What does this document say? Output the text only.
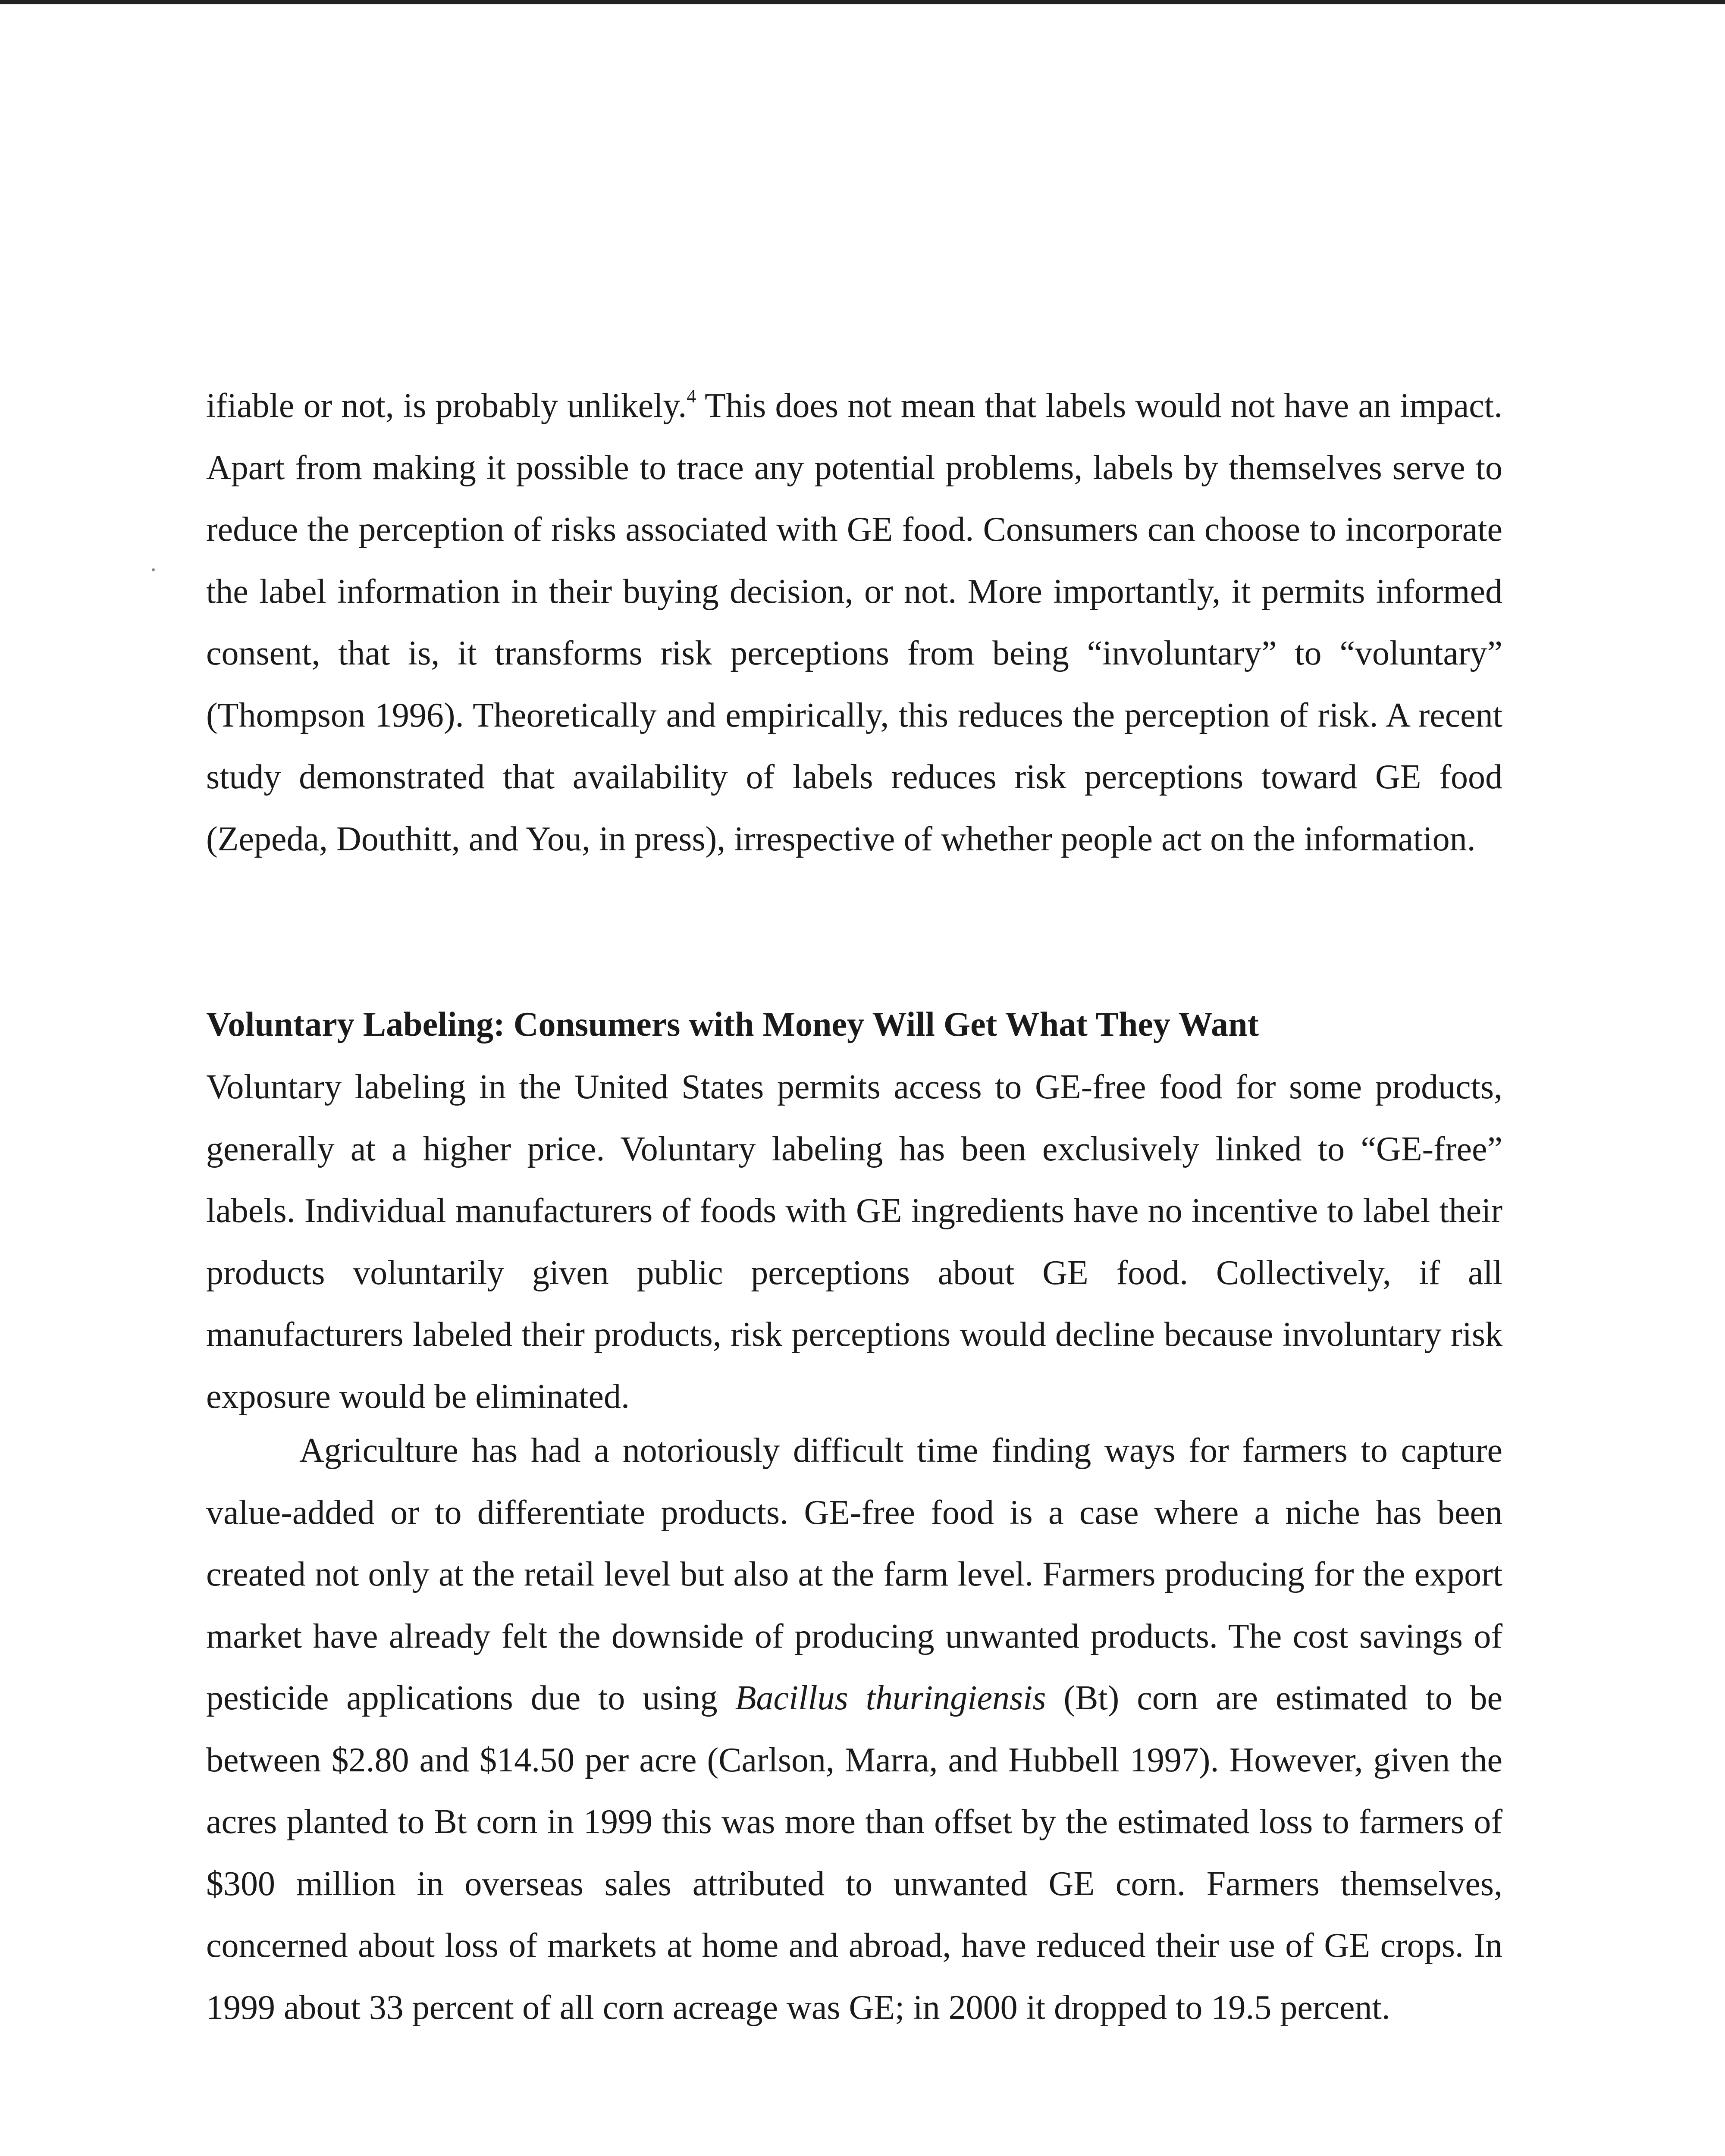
ifiable or not, is probably unlikely.$^4$ This does not mean that labels would not have an impact. Apart from making it possible to trace any potential problems, labels by themselves serve to reduce the perception of risks associated with GE food. Consumers can choose to incorporate the label information in their buying decision, or not. More importantly, it permits informed consent, that is, it transforms risk perceptions from being “involuntary” to “voluntary” (Thompson 1996). Theoretically and empirically, this reduces the perception of risk. A recent study demonstrated that availability of labels reduces risk perceptions toward GE food (Zepeda, Douthitt, and You, in press), irrespective of whether people act on the information.

Voluntary Labeling: Consumers with Money Will Get What They Want

Voluntary labeling in the United States permits access to GE-free food for some products, generally at a higher price. Voluntary labeling has been exclusively linked to “GE-free” labels. Individual manufacturers of foods with GE ingredients have no incentive to label their products voluntarily given public perceptions about GE food. Collectively, if all manufacturers labeled their products, risk perceptions would decline because involuntary risk exposure would be eliminated.

Agriculture has had a notoriously difficult time finding ways for farmers to capture value-added or to differentiate products. GE-free food is a case where a niche has been created not only at the retail level but also at the farm level. Farmers producing for the export market have already felt the downside of producing unwanted products. The cost savings of pesticide applications due to using Bacillus thuringiensis (Bt) corn are estimated to be between $2.80 and $14.50 per acre (Carlson, Marra, and Hubbell 1997). However, given the acres planted to Bt corn in 1999 this was more than offset by the estimated loss to farmers of $300 million in overseas sales attributed to unwanted GE corn. Farmers themselves, concerned about loss of markets at home and abroad, have reduced their use of GE crops. In 1999 about 33 percent of all corn acreage was GE; in 2000 it dropped to 19.5 percent.
